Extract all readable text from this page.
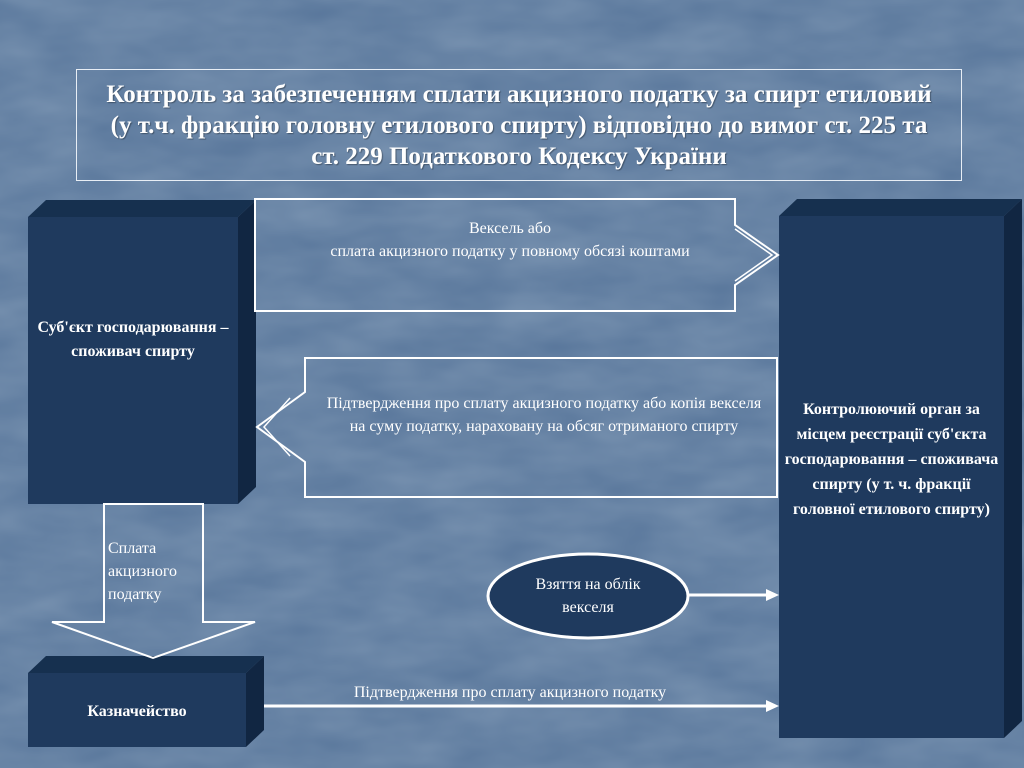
Контроль за забезпеченням сплати акцизного податку за спирт етиловий (у т.ч. фракцію головну етилового спирту) відповідно до вимог ст. 225 та ст. 229 Податкового Кодексу України
Суб'єкт господарювання – споживач спирту
Контролюючий орган за місцем реєстрації суб'єкта господарювання – споживача спирту (у т. ч. фракції головної етилового спирту)
Казначейство
Вексель або
сплата акцизного податку у повному обсязі коштами
Підтвердження про сплату акцизного податку або копія векселя на суму податку, нараховану на обсяг отриманого спирту
Сплата акцизного податку
Взяття на облік векселя
Підтвердження про сплату акцизного податку
